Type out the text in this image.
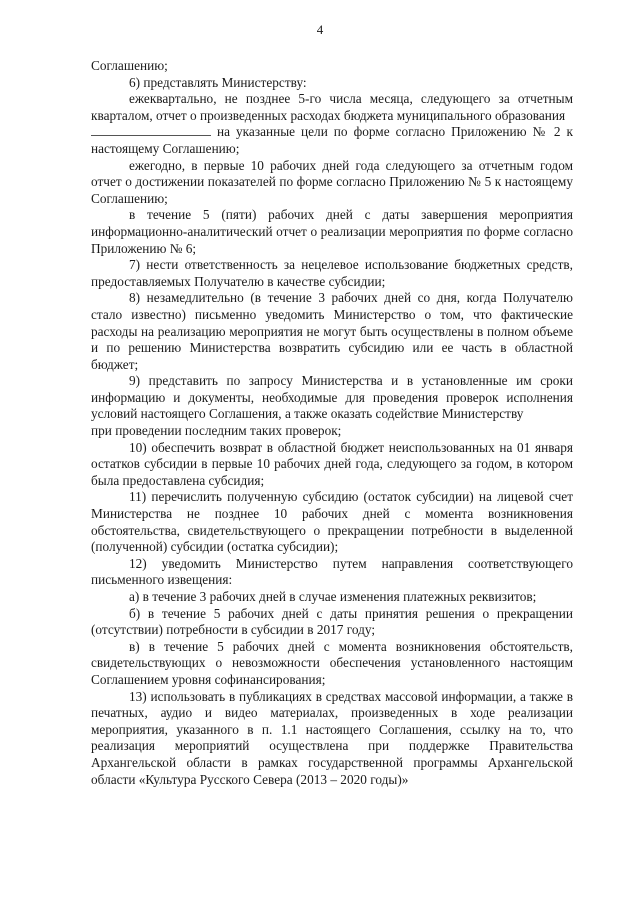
4

Соглашению;

6) представлять Министерству:

ежеквартально, не позднее 5-го числа месяца, следующего за отчетным кварталом, отчет о произведенных расходах бюджета муниципального образования

на указанные цели по форме согласно Приложению № 2 к настоящему Соглашению;

ежегодно, в первые 10 рабочих дней года следующего за отчетным годом отчет о достижении показателей по форме согласно Приложению № 5 к настоящему Соглашению;

в течение 5 (пяти) рабочих дней с даты завершения мероприятия информационно-аналитический отчет о реализации мероприятия по форме согласно Приложению № 6;

7) нести ответственность за нецелевое использование бюджетных средств, предоставляемых Получателю в качестве субсидии;

8) незамедлительно (в течение 3 рабочих дней со дня, когда Получателю стало известно) письменно уведомить Министерство о том, что фактические расходы на реализацию мероприятия не могут быть осуществлены в полном объеме и по решению Министерства возвратить субсидию или ее часть в областной бюджет;

9) представить по запросу Министерства и в установленные им сроки информацию и документы, необходимые для проведения проверок исполнения условий настоящего Соглашения, а также оказать содействие Министерству

при проведении последним таких проверок;

10) обеспечить возврат в областной бюджет неиспользованных на 01 января остатков субсидии в первые 10 рабочих дней года, следующего за годом, в котором была предоставлена субсидия;

11) перечислить полученную субсидию (остаток субсидии) на лицевой счет Министерства не позднее 10 рабочих дней с момента возникновения обстоятельства, свидетельствующего о прекращении потребности в выделенной (полученной) субсидии (остатка субсидии);

12) уведомить Министерство путем направления соответствующего письменного извещения:

а) в течение 3 рабочих дней в случае изменения платежных реквизитов;

б) в течение 5 рабочих дней с даты принятия решения о прекращении (отсутствии) потребности в субсидии в 2017 году;

в) в течение 5 рабочих дней с момента возникновения обстоятельств, свидетельствующих о невозможности обеспечения установленного настоящим Соглашением уровня софинансирования;

13) использовать в публикациях в средствах массовой информации, а также в печатных, аудио и видео материалах, произведенных в ходе реализации мероприятия, указанного в п. 1.1 настоящего Соглашения, ссылку на то, что реализация мероприятий осуществлена при поддержке Правительства Архангельской области в рамках государственной программы Архангельской области «Культура Русского Севера (2013 – 2020 годы)»
